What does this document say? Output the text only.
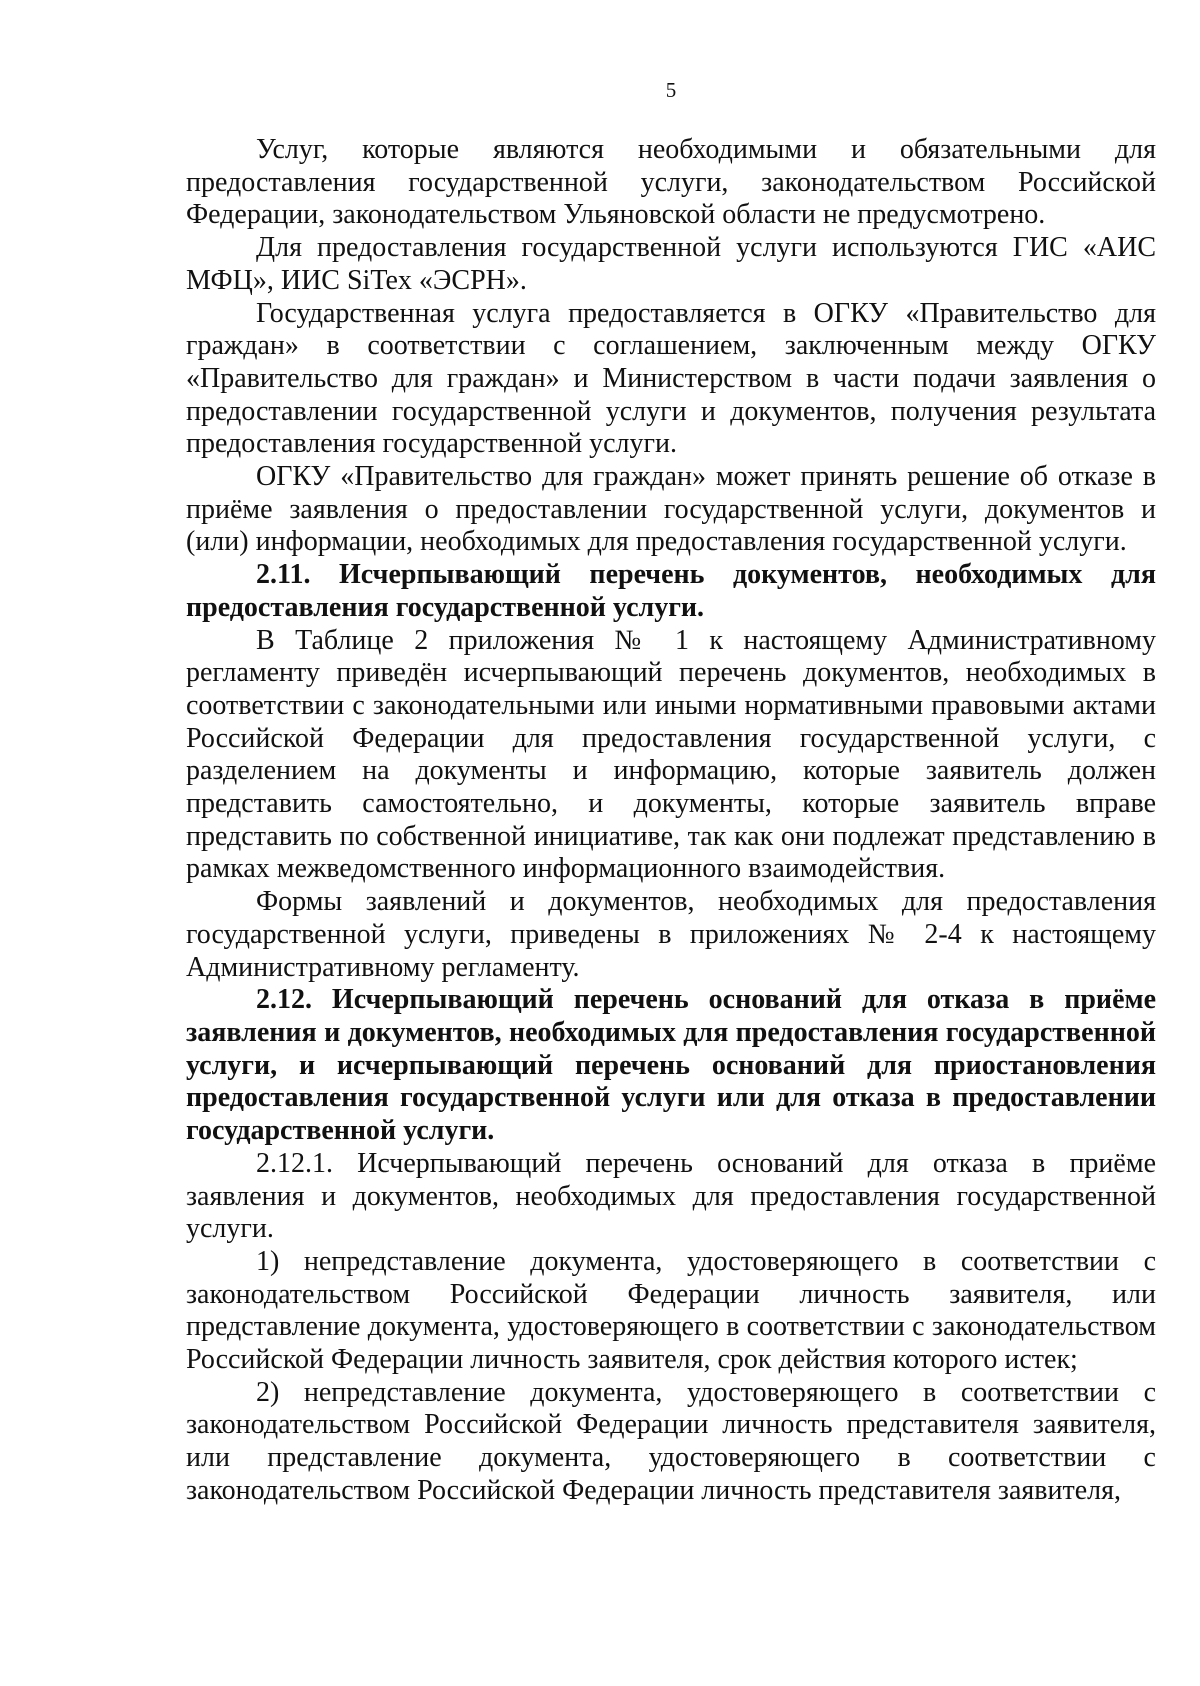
5

Услуг, которые являются необходимыми и обязательными для предоставления государственной услуги, законодательством Российской Федерации, законодательством Ульяновской области не предусмотрено.

Для предоставления государственной услуги используются ГИС «АИС МФЦ», ИИС SiTex «ЭСРН».

Государственная услуга предоставляется в ОГКУ «Правительство для граждан» в соответствии с соглашением, заключенным между ОГКУ «Правительство для граждан» и Министерством в части подачи заявления о предоставлении государственной услуги и документов, получения результата предоставления государственной услуги.

ОГКУ «Правительство для граждан» может принять решение об отказе в приёме заявления о предоставлении государственной услуги, документов и (или) информации, необходимых для предоставления государственной услуги.

2.11. Исчерпывающий перечень документов, необходимых для предоставления государственной услуги.

В Таблице 2 приложения № 1 к настоящему Административному регламенту приведён исчерпывающий перечень документов, необходимых в соответствии с законодательными или иными нормативными правовыми актами Российской Федерации для предоставления государственной услуги, с разделением на документы и информацию, которые заявитель должен представить самостоятельно, и документы, которые заявитель вправе представить по собственной инициативе, так как они подлежат представлению в рамках межведомственного информационного взаимодействия.

Формы заявлений и документов, необходимых для предоставления государственной услуги, приведены в приложениях № 2-4 к настоящему Административному регламенту.

2.12. Исчерпывающий перечень оснований для отказа в приёме заявления и документов, необходимых для предоставления государственной услуги, и исчерпывающий перечень оснований для приостановления предоставления государственной услуги или для отказа в предоставлении государственной услуги.

2.12.1. Исчерпывающий перечень оснований для отказа в приёме заявления и документов, необходимых для предоставления государственной услуги.

1) непредставление документа, удостоверяющего в соответствии с законодательством Российской Федерации личность заявителя, или представление документа, удостоверяющего в соответствии с законодательством Российской Федерации личность заявителя, срок действия которого истек;

2) непредставление документа, удостоверяющего в соответствии с законодательством Российской Федерации личность представителя заявителя, или представление документа, удостоверяющего в соответствии с законодательством Российской Федерации личность представителя заявителя,
